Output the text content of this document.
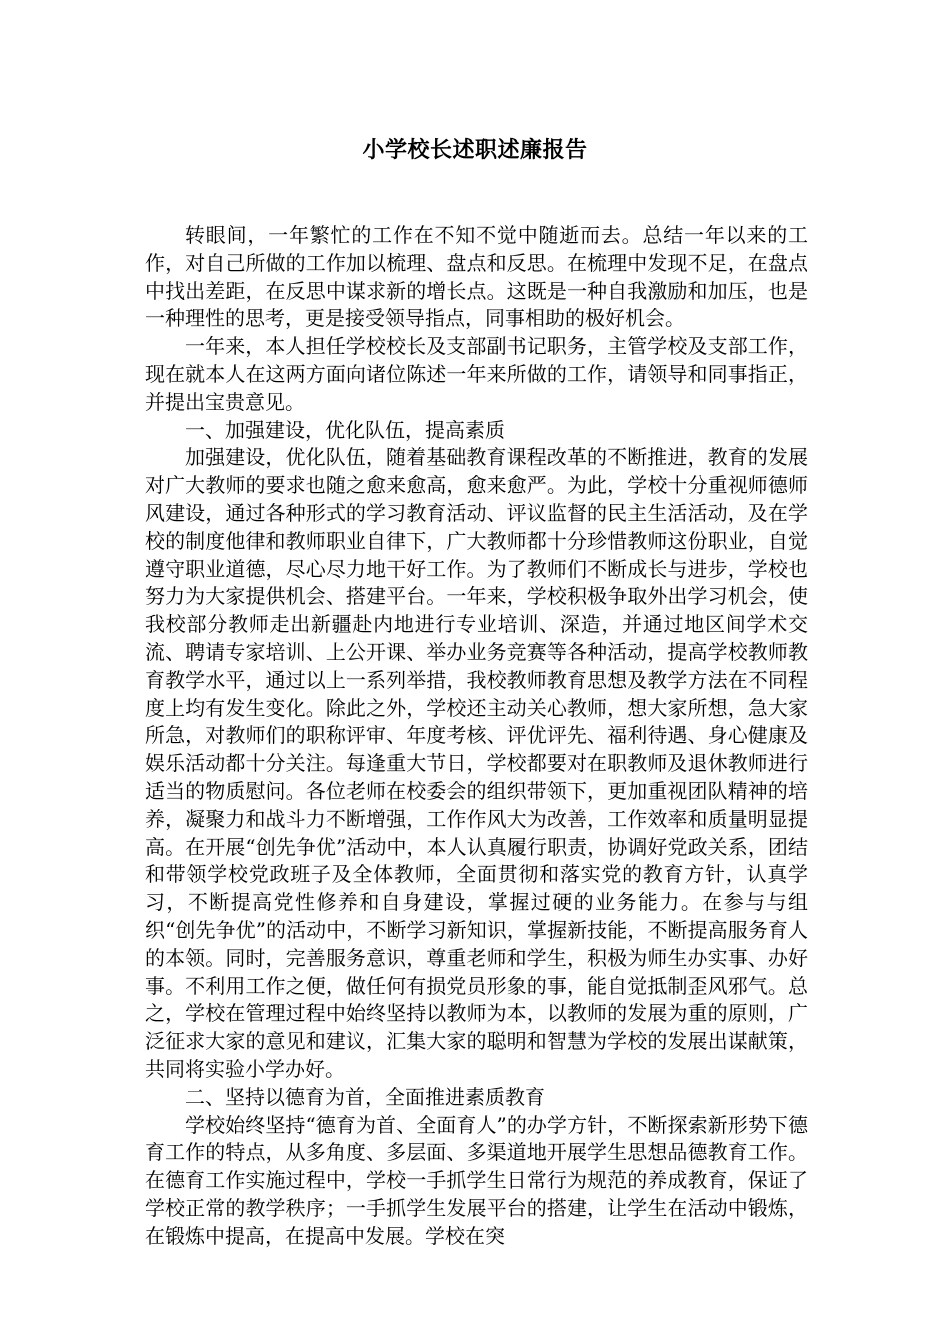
小学校长述职述廉报告

转眼间，一年繁忙的工作在不知不觉中随逝而去。总结一年以来的工作，对自己所做的工作加以梳理、盘点和反思。在梳理中发现不足，在盘点中找出差距，在反思中谋求新的增长点。这既是一种自我激励和加压，也是一种理性的思考，更是接受领导指点，同事相助的极好机会。

一年来，本人担任学校校长及支部副书记职务，主管学校及支部工作，现在就本人在这两方面向诸位陈述一年来所做的工作，请领导和同事指正，并提出宝贵意见。

一、加强建设，优化队伍，提高素质

加强建设，优化队伍，随着基础教育课程改革的不断推进，教育的发展对广大教师的要求也随之愈来愈高，愈来愈严。为此，学校十分重视师德师风建设，通过各种形式的学习教育活动、评议监督的民主生活活动，及在学校的制度他律和教师职业自律下，广大教师都十分珍惜教师这份职业，自觉遵守职业道德，尽心尽力地干好工作。为了教师们不断成长与进步，学校也努力为大家提供机会、搭建平台。一年来，学校积极争取外出学习机会，使我校部分教师走出新疆赴内地进行专业培训、深造，并通过地区间学术交流、聘请专家培训、上公开课、举办业务竞赛等各种活动，提高学校教师教育教学水平，通过以上一系列举措，我校教师教育思想及教学方法在不同程度上均有发生变化。除此之外，学校还主动关心教师，想大家所想，急大家所急，对教师们的职称评审、年度考核、评优评先、福利待遇、身心健康及娱乐活动都十分关注。每逢重大节日，学校都要对在职教师及退休教师进行适当的物质慰问。各位老师在校委会的组织带领下，更加重视团队精神的培养，凝聚力和战斗力不断增强，工作作风大为改善，工作效率和质量明显提高。在开展“创先争优”活动中，本人认真履行职责，协调好党政关系，团结和带领学校党政班子及全体教师，全面贯彻和落实党的教育方针，认真学习，不断提高党性修养和自身建设，掌握过硬的业务能力。在参与与组织“创先争优”的活动中，不断学习新知识，掌握新技能，不断提高服务育人的本领。同时，完善服务意识，尊重老师和学生，积极为师生办实事、办好事。不利用工作之便，做任何有损党员形象的事，能自觉抵制歪风邪气。总之，学校在管理过程中始终坚持以教师为本，以教师的发展为重的原则，广泛征求大家的意见和建议，汇集大家的聪明和智慧为学校的发展出谋献策，共同将实验小学办好。

二、坚持以德育为首，全面推进素质教育

学校始终坚持“德育为首、全面育人”的办学方针，不断探索新形势下德育工作的特点，从多角度、多层面、多渠道地开展学生思想品德教育工作。在德育工作实施过程中，学校一手抓学生日常行为规范的养成教育，保证了学校正常的教学秩序；一手抓学生发展平台的搭建，让学生在活动中锻炼，在锻炼中提高，在提高中发展。学校在突
